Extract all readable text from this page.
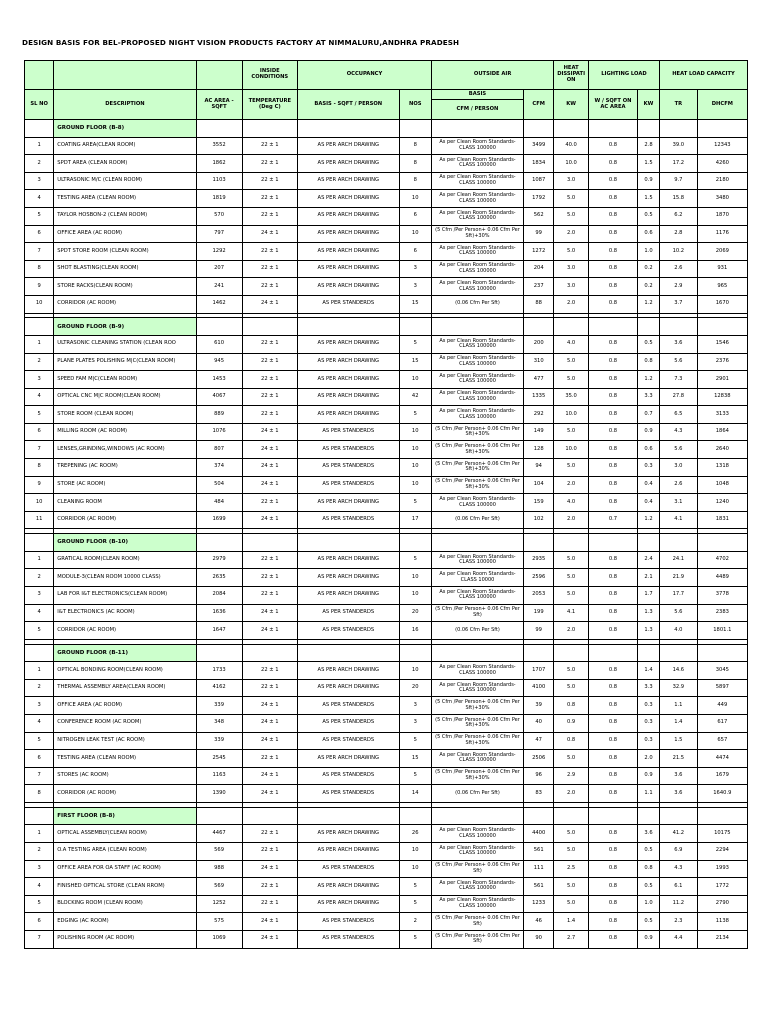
DESIGN BASIS FOR BEL-PROPOSED NIGHT VISION PRODUCTS FACTORY AT NIMMALURU,ANDHRA PRADESH
			INSIDE CONDITIONS	OCCUPANCY		OUTSIDE AIR		HEAT DISSIPATI ON	LIGHTING LOAD		HEAT LOAD CAPACITY	
SL NO	DESCRIPTION	AC AREA - SQFT	TEMPERATURE (Deg C)	BASIS - SQFT / PERSON	NOS	BASIS	CFM	KW	W / SQFT ON AC AREA	KW	TR	DHCFM
						CFM / PERSON						
	GROUND FLOOR (B-8)											
1	COATING AREA(CLEAN ROOM)	3552	22 ± 1	AS PER ARCH DRAWING	8	As per Clean Room Standards-CLASS 100000	3499	40.0	0.8	2.8	39.0	12343
2	SPDT AREA (CLEAN ROOM)	1862	22 ± 1	AS PER ARCH DRAWING	8	As per Clean Room Standards-CLASS 100000	1834	10.0	0.8	1.5	17.2	4260
3	ULTRASONIC M/C (CLEAN ROOM)	1103	22 ± 1	AS PER ARCH DRAWING	8	As per Clean Room Standards-CLASS 100000	1087	3.0	0.8	0.9	9.7	2180
4	TESTING AREA (CLEAN ROOM)	1819	22 ± 1	AS PER ARCH DRAWING	10	As per Clean Room Standards-CLASS 100000	1792	5.0	0.8	1.5	15.8	3480
5	TAYLOR HOSBON-2 (CLEAN ROOM)	570	22 ± 1	AS PER ARCH DRAWING	6	As per Clean Room Standards-CLASS 100000	562	5.0	0.8	0.5	6.2	1870
6	OFFICE AREA (AC ROOM)	797	24 ± 1	AS PER ARCH DRAWING	10	(5 Cfm /Per Person+ 0.06 Cfm Per Sft)+30%	99	2.0	0.8	0.6	2.8	1176
7	SPDT STORE ROOM (CLEAN ROOM)	1292	22 ± 1	AS PER ARCH DRAWING	6	As per Clean Room Standards-CLASS 100000	1272	5.0	0.8	1.0	10.2	2069
8	SHOT BLASTING(CLEAN ROOM)	207	22 ± 1	AS PER ARCH DRAWING	3	As per Clean Room Standards-CLASS 100000	204	3.0	0.8	0.2	2.6	931
9	STORE RACKS(CLEAN ROOM)	241	22 ± 1	AS PER ARCH DRAWING	3	As per Clean Room Standards-CLASS 100000	237	3.0	0.8	0.2	2.9	965
10	CORRIDOR (AC ROOM)	1462	24 ± 1	AS PER STANDERDS	15	(0.06 Cfm Per Sft)	88	2.0	0.8	1.2	3.7	1670

	GROUND FLOOR (B-9)											
1	ULTRASONIC CLEANING STATION (CLEAN ROO	610	22 ± 1	AS PER ARCH DRAWING	5	As per Clean Room Standards-CLASS 100000	200	4.0	0.8	0.5	3.6	1546
2	PLANE PLATES POLISHING M|C(CLEAN ROOM)	945	22 ± 1	AS PER ARCH DRAWING	15	As per Clean Room Standards-CLASS 100000	310	5.0	0.8	0.8	5.6	2376
3	SPEED FAM M|C(CLEAN ROOM)	1453	22 ± 1	AS PER ARCH DRAWING	10	As per Clean Room Standards-CLASS 100000	477	5.0	0.8	1.2	7.3	2901
4	OPTICAL CNC M|C ROOM(CLEAN ROOM)	4067	22 ± 1	AS PER ARCH DRAWING	42	As per Clean Room Standards-CLASS 100000	1335	35.0	0.8	3.3	27.8	12838
5	STORE ROOM (CLEAN ROOM)	889	22 ± 1	AS PER ARCH DRAWING	5	As per Clean Room Standards-CLASS 100000	292	10.0	0.8	0.7	6.5	3133
6	MILLING ROOM (AC ROOM)	1076	24 ± 1	AS PER STANDERDS	10	(5 Cfm /Per Person+ 0.06 Cfm Per Sft)+30%	149	5.0	0.8	0.9	4.3	1864
7	LENSES,GRINDING,WINDOWS (AC ROOM)	807	24 ± 1	AS PER STANDERDS	10	(5 Cfm /Per Person+ 0.06 Cfm Per Sft)+30%	128	10.0	0.8	0.6	5.6	2640
8	TREPENING (AC ROOM)	374	24 ± 1	AS PER STANDERDS	10	(5 Cfm /Per Person+ 0.06 Cfm Per Sft)+30%	94	5.0	0.8	0.3	3.0	1318
9	STORE (AC ROOM)	504	24 ± 1	AS PER STANDERDS	10	(5 Cfm /Per Person+ 0.06 Cfm Per Sft)+30%	104	2.0	0.8	0.4	2.6	1048
10	CLEANING ROOM	484	22 ± 1	AS PER ARCH DRAWING	5	As per Clean Room Standards-CLASS 100000	159	4.0	0.8	0.4	3.1	1240
11	CORRIDOR (AC ROOM)	1699	24 ± 1	AS PER STANDERDS	17	(0.06 Cfm Per Sft)	102	2.0	0.7	1.2	4.1	1831

	GROUND FLOOR (B-10)											
1	GRATICAL ROOM(CLEAN ROOM)	2979	22 ± 1	AS PER ARCH DRAWING	5	As per Clean Room Standards-CLASS 100000	2935	5.0	0.8	2.4	24.1	4702
2	MODULE-3(CLEAN ROOM 10000 CLASS)	2635	22 ± 1	AS PER ARCH DRAWING	10	As per Clean Room Standards-CLASS 10000	2596	5.0	0.8	2.1	21.9	4489
3	LAB FOR I&T ELECTRONICS(CLEAN ROOM)	2084	22 ± 1	AS PER ARCH DRAWING	10	As per Clean Room Standards-CLASS 100000	2053	5.0	0.8	1.7	17.7	3778
4	I&T ELECTRONICS (AC ROOM)	1636	24 ± 1	AS PER STANDERDS	20	(5 Cfm /Per Person+ 0.06 Cfm Per Sft)	199	4.1	0.8	1.3	5.6	2383
5	CORRIDOR (AC ROOM)	1647	24 ± 1	AS PER STANDERDS	16	(0.06 Cfm Per Sft)	99	2.0	0.8	1.3	4.0	1801.1

	GROUND FLOOR (B-11)											
1	OPTICAL BONDING ROOM(CLEAN ROOM)	1733	22 ± 1	AS PER ARCH DRAWING	10	As per Clean Room Standards-CLASS 100000	1707	5.0	0.8	1.4	14.6	3045
2	THERMAL ASSEMBLY AREA(CLEAN ROOM)	4162	22 ± 1	AS PER ARCH DRAWING	20	As per Clean Room Standards-CLASS 100000	4100	5.0	0.8	3.3	32.9	5897
3	OFFICE AREA (AC ROOM)	339	24 ± 1	AS PER STANDERDS	3	(5 Cfm /Per Person+ 0.06 Cfm Per Sft)+30%	39	0.8	0.8	0.3	1.1	449
4	CONFERENCE ROOM (AC ROOM)	348	24 ± 1	AS PER STANDERDS	3	(5 Cfm /Per Person+ 0.06 Cfm Per Sft)+30%	40	0.9	0.8	0.3	1.4	617
5	NITROGEN LEAK TEST (AC ROOM)	339	24 ± 1	AS PER STANDERDS	5	(5 Cfm /Per Person+ 0.06 Cfm Per Sft)+30%	47	0.8	0.8	0.3	1.5	657
6	TESTING AREA (CLEAN ROOM)	2545	22 ± 1	AS PER ARCH DRAWING	15	As per Clean Room Standards-CLASS 100000	2506	5.0	0.8	2.0	21.5	4474
7	STORES (AC ROOM)	1163	24 ± 1	AS PER STANDERDS	5	(5 Cfm /Per Person+ 0.06 Cfm Per Sft)+30%	96	2.9	0.8	0.9	3.6	1679
8	CORRIDOR (AC ROOM)	1390	24 ± 1	AS PER STANDERDS	14	(0.06 Cfm Per Sft)	83	2.0	0.8	1.1	3.6	1640.9

	FIRST FLOOR (B-8)											
1	OPTICAL ASSEMBLY(CLEAN ROOM)	4467	22 ± 1	AS PER ARCH DRAWING	26	As per Clean Room Standards-CLASS 100000	4400	5.0	0.8	3.6	41.2	10175
2	O.A TESTING AREA (CLEAN ROOM)	569	22 ± 1	AS PER ARCH DRAWING	10	As per Clean Room Standards-CLASS 100000	561	5.0	0.8	0.5	6.9	2294
3	OFFICE AREA FOR OA STAFF (AC ROOM)	988	24 ± 1	AS PER STANDERDS	10	(5 Cfm /Per Person+ 0.06 Cfm Per Sft)	111	2.5	0.8	0.8	4.3	1993
4	FINISHED OPTICAL STORE (CLEAN RROM)	569	22 ± 1	AS PER ARCH DRAWING	5	As per Clean Room Standards-CLASS 100000	561	5.0	0.8	0.5	6.1	1772
5	BLOCKING ROOM (CLEAN ROOM)	1252	22 ± 1	AS PER ARCH DRAWING	5	As per Clean Room Standards-CLASS 100000	1233	5.0	0.8	1.0	11.2	2790
6	EDGING (AC ROOM)	575	24 ± 1	AS PER STANDERDS	2	(5 Cfm /Per Person+ 0.06 Cfm Per Sft)	46	1.4	0.8	0.5	2.3	1138
7	POLISHING ROOM (AC ROOM)	1069	24 ± 1	AS PER STANDERDS	5	(5 Cfm /Per Person+ 0.06 Cfm Per Sft)	90	2.7	0.8	0.9	4.4	2134
